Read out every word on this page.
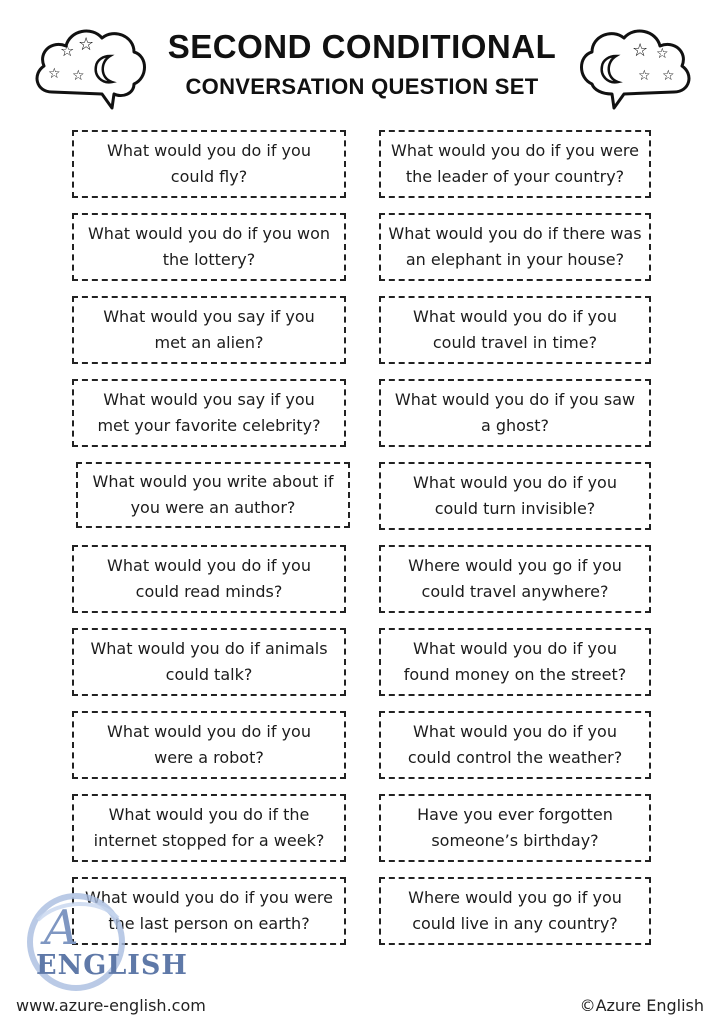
☆ ☆
☆ ☆
SECOND CONDITIONAL
CONVERSATION QUESTION SET
☆ ☆
☆ ☆
What would you do if you
could fly?
What would you do if you won
the lottery?
What would you say if you
met an alien?
What would you say if you
met your favorite celebrity?
What would you write about if
you were an author?
What would you do if you
could read minds?
What would you do if animals
could talk?
What would you do if you
were a robot?
What would you do if the
internet stopped for a week?
What would you do if you were
the last person on earth?
What would you do if you were
the leader of your country?
What would you do if there was
an elephant in your house?
What would you do if you
could travel in time?
What would you do if you saw
a ghost?
What would you do if you
could turn invisible?
Where would you go if you
could travel anywhere?
What would you do if you
found money on the street?
What would you do if you
could control the weather?
Have you ever forgotten
someone’s birthday?
Where would you go if you
could live in any country?
A
ENGLISH
www.azure-english.com	©Azure English
